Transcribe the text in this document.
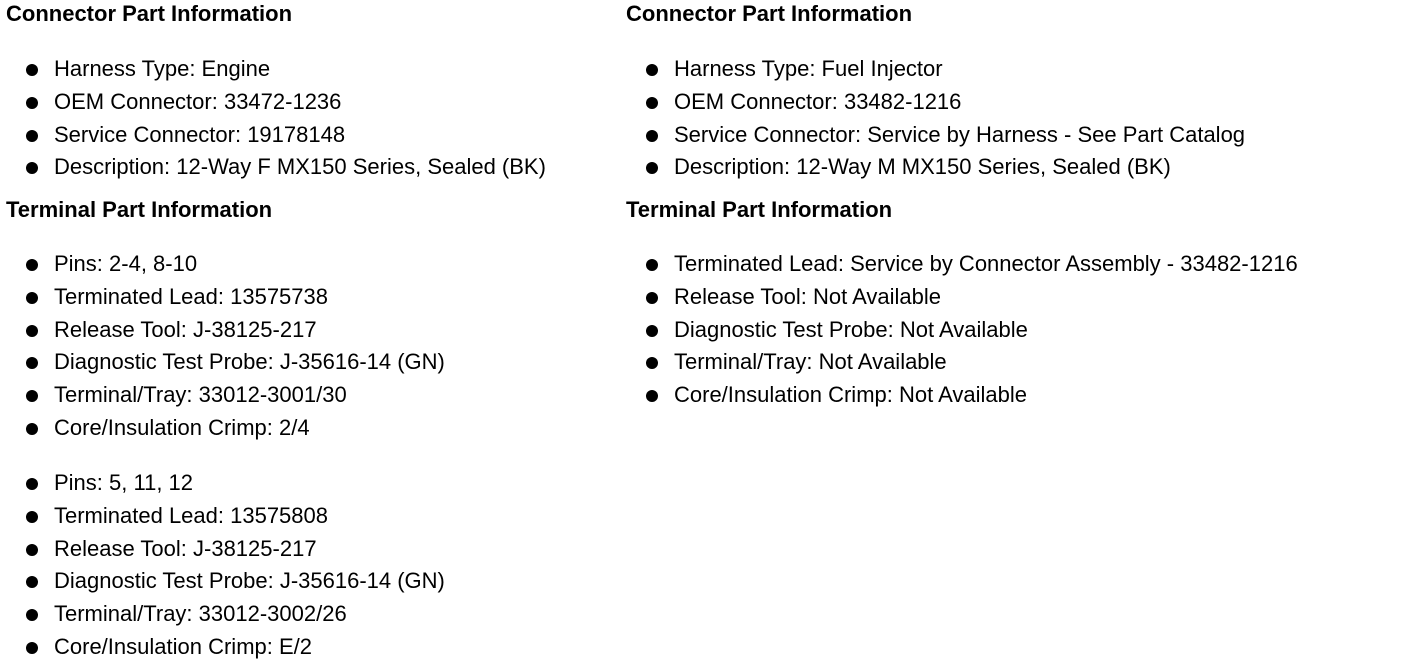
Connector Part Information
Harness Type: Engine
OEM Connector: 33472-1236
Service Connector: 19178148
Description: 12-Way F MX150 Series, Sealed (BK)
Terminal Part Information
Pins: 2-4, 8-10
Terminated Lead: 13575738
Release Tool: J-38125-217
Diagnostic Test Probe: J-35616-14 (GN)
Terminal/Tray: 33012-3001/30
Core/Insulation Crimp: 2/4
Pins: 5, 11, 12
Terminated Lead: 13575808
Release Tool: J-38125-217
Diagnostic Test Probe: J-35616-14 (GN)
Terminal/Tray: 33012-3002/26
Core/Insulation Crimp: E/2
Connector Part Information
Harness Type: Fuel Injector
OEM Connector: 33482-1216
Service Connector: Service by Harness - See Part Catalog
Description: 12-Way M MX150 Series, Sealed (BK)
Terminal Part Information
Terminated Lead: Service by Connector Assembly - 33482-1216
Release Tool: Not Available
Diagnostic Test Probe: Not Available
Terminal/Tray: Not Available
Core/Insulation Crimp: Not Available
